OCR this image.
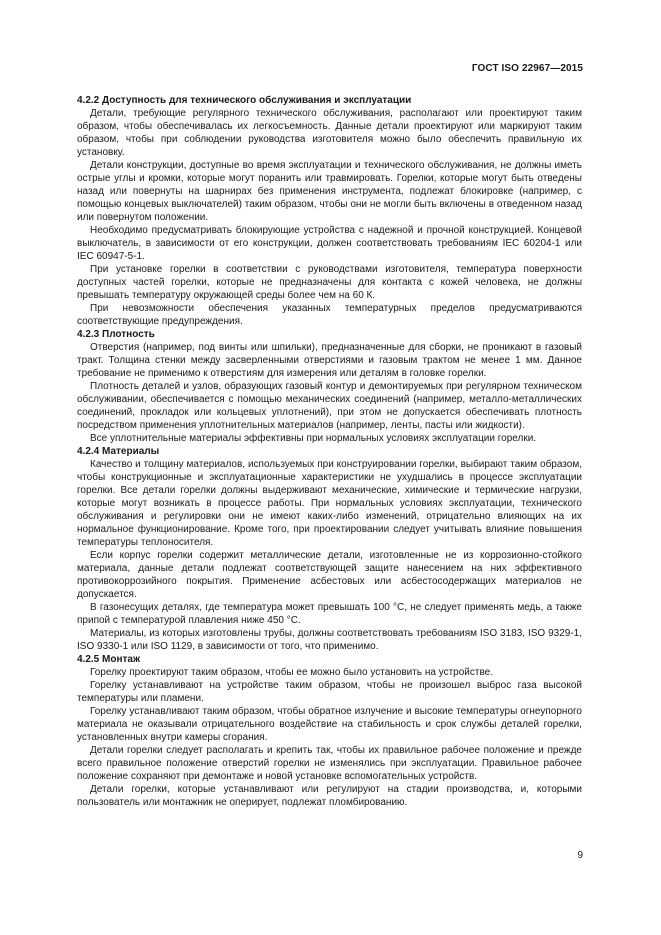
ГОСТ ISO 22967—2015
4.2.2 Доступность для технического обслуживания и эксплуатации

Детали, требующие регулярного технического обслуживания, располагают или проектируют таким образом, чтобы обеспечивалась их легкосъемность. Данные детали проектируют или маркируют таким образом, чтобы при соблюдении руководства изготовителя можно было обеспечить правильную их установку.

Детали конструкции, доступные во время эксплуатации и технического обслуживания, не должны иметь острые углы и кромки, которые могут поранить или травмировать. Горелки, которые могут быть отведены назад или повернуты на шарнирах без применения инструмента, подлежат блокировке (например, с помощью концевых выключателей) таким образом, чтобы они не могли быть включены в отведенном назад или повернутом положении.

Необходимо предусматривать блокирующие устройства с надежной и прочной конструкцией. Концевой выключатель, в зависимости от его конструкции, должен соответствовать требованиям IEC 60204-1 или IEC 60947-5-1.

При установке горелки в соответствии с руководствами изготовителя, температура поверхности доступных частей горелки, которые не предназначены для контакта с кожей человека, не должны превышать температуру окружающей среды более чем на 60 К.

При невозможности обеспечения указанных температурных пределов предусматриваются соответствующие предупреждения.

4.2.3 Плотность

Отверстия (например, под винты или шпильки), предназначенные для сборки, не проникают в газовый тракт. Толщина стенки между засверленными отверстиями и газовым трактом не менее 1 мм. Данное требование не применимо к отверстиям для измерения или деталям в головке горелки.

Плотность деталей и узлов, образующих газовый контур и демонтируемых при регулярном техническом обслуживании, обеспечивается с помощью механических соединений (например, металло-металлических соединений, прокладок или кольцевых уплотнений), при этом не допускается обеспечивать плотность посредством применения уплотнительных материалов (например, ленты, пасты или жидкости).

Все уплотнительные материалы эффективны при нормальных условиях эксплуатации горелки.

4.2.4 Материалы

Качество и толщину материалов, используемых при конструировании горелки, выбирают таким образом, чтобы конструкционные и эксплуатационные характеристики не ухудшались в процессе эксплуатации горелки. Все детали горелки должны выдерживают механические, химические и термические нагрузки, которые могут возникать в процессе работы. При нормальных условиях эксплуатации, технического обслуживания и регулировки они не имеют каких-либо изменений, отрицательно влияющих на их нормальное функционирование. Кроме того, при проектировании следует учитывать влияние повышения температуры теплоносителя.

Если корпус горелки содержит металлические детали, изготовленные не из коррозионно-стойкого материала, данные детали подлежат соответствующей защите нанесением на них эффективного противокоррозийного покрытия. Применение асбестовых или асбестосодержащих материалов не допускается.

В газонесущих деталях, где температура может превышать 100 °С, не следует применять медь, а также припой с температурой плавления ниже 450 °С.

Материалы, из которых изготовлены трубы, должны соответствовать требованиям ISO 3183, ISO 9329-1, ISO 9330-1 или ISO 1129, в зависимости от того, что применимо.

4.2.5 Монтаж

Горелку проектируют таким образом, чтобы ее можно было установить на устройстве.

Горелку устанавливают на устройстве таким образом, чтобы не произошел выброс газа высокой температуры или пламени.

Горелку устанавливают таким образом, чтобы обратное излучение и высокие температуры огнеупорного материала не оказывали отрицательного воздействие на стабильность и срок службы деталей горелки, установленных внутри камеры сгорания.

Детали горелки следует располагать и крепить так, чтобы их правильное рабочее положение и прежде всего правильное положение отверстий горелки не изменялись при эксплуатации. Правильное рабочее положение сохраняют при демонтаже и новой установке вспомогательных устройств.

Детали горелки, которые устанавливают или регулируют на стадии производства, и, которыми пользователь или монтажник не оперирует, подлежат пломбированию.

9
